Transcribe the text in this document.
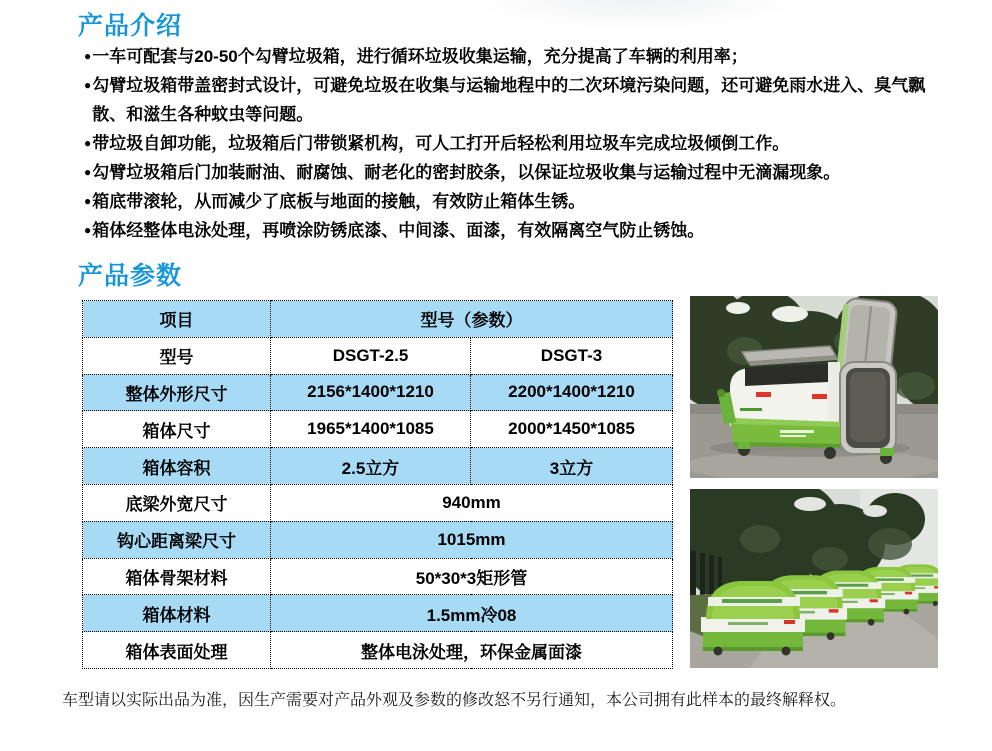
产品介绍
● 一车可配套与20-50个勾臂垃圾箱，进行循环垃圾收集运输，充分提高了车辆的利用率；
● 勾臂垃圾箱带盖密封式设计，可避免垃圾在收集与运输地程中的二次环境污染问题，还可避免雨水进入、臭气飘散、和滋生各种蚊虫等问题。
● 带垃圾自卸功能，垃圾箱后门带锁紧机构，可人工打开后轻松利用垃圾车完成垃圾倾倒工作。
● 勾臂垃圾箱后门加装耐油、耐腐蚀、耐老化的密封胶条，以保证垃圾收集与运输过程中无滴漏现象。
● 箱底带滚轮，从而减少了底板与地面的接触，有效防止箱体生锈。
● 箱体经整体电泳处理，再喷涂防锈底漆、中间漆、面漆，有效隔离空气防止锈蚀。
产品参数
项目	型号（参数）	
型号	DSGT-2.5	DSGT-3
整体外形尺寸	2156*1400*1210	2200*1400*1210
箱体尺寸	1965*1400*1085	2000*1450*1085
箱体容积	2.5立方	3立方
底梁外宽尺寸	940mm	
钩心距离梁尺寸	1015mm	
箱体骨架材料	50*30*3矩形管	
箱体材料	1.5mm冷08	
箱体表面处理	整体电泳处理，环保金属面漆	
车型请以实际出品为准，因生产需要对产品外观及参数的修改怒不另行通知，本公司拥有此样本的最终解释权。
